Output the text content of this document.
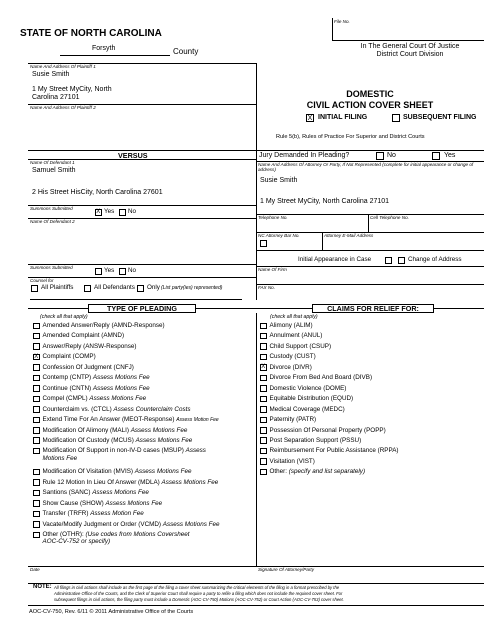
STATE OF NORTH CAROLINA
File No.
Forsyth	County
In The General Court Of Justice
District Court Division
Name And Address Of Plaintiff 1
Susie Smith
1 My Street MyCity, North
Carolina 27101
Name And Address Of Plaintiff 2
DOMESTIC
CIVIL ACTION COVER SHEET
X INITIAL FILING	SUBSEQUENT FILING
Rule 5(b), Rules of Practice For Superior and District Courts
VERSUS
Name Of Defendant 1
Samuel Smith
2 His Street HisCity, North Carolina 27601
Summons Submitted
X Yes No
Name Of Defendant 2
Summons Submitted	Yes No
Counsel for
All Plaintiffs	All Defendants Only (List party(ies) represented)
Jury Demanded In Pleading?	No	Yes
Name And Address Of Attorney Or Party, If Not Represented (complete for initial appearance or change of address)
Susie Smith
1 My Street MyCity, North Carolina 27101
Telephone No.	Cell Telephone No.
NC Attorney Bar No.	Attorney E-Mail Address
Initial Appearance in Case	Change of Address
Name Of Firm
FAX No.
TYPE OF PLEADING	CLAIMS FOR RELIEF FOR:
(check all that apply)
Amended Answer/Reply (AMND-Response)
Amended Complaint (AMND)
Answer/Reply (ANSW-Response)
X Complaint (COMP)
Confession Of Judgment (CNFJ)
Contemp (CNTP) Assess Motions Fee
Continue (CNTN) Assess Motions Fee
Compel (CMPL) Assess Motions Fee
Counterclaim vs. (CTCL) Assess Counterclaim Costs
Extend Time For An Answer (MEOT-Response) Assess Motion Fee
Modification Of Alimony (MALI) Assess Motions Fee
Modification Of Custody (MCUS) Assess Motions Fee
Modification Of Support in non-IV-D cases (MSUP) Assess
Motions Fee
Modification Of Visitation (MVIS) Assess Motions Fee
Rule 12 Motion In Lieu Of Answer (MDLA) Assess Motions Fee
Santions (SANC) Assess Motions Fee
Show Cause (SHOW) Assess Motions Fee
Transfer (TRFR) Assess Motion Fee
Vacate/Modify Judgment or Order (VCMD) Assess Motions Fee
Other (OTHR): (Use codes from Motions Coversheet
AOC-CV-752 or specify)
(check all that apply)
Alimony (ALIM)
Annulment (ANUL)
Child Support (CSUP)
Custody (CUST)
X Divorce (DIVR)
Divorce From Bed And Board (DIVB)
Domestic Violence (DOME)
Equitable Distribution (EQUD)
Medical Coverage (MEDC)
Paternity (PATR)
Possession Of Personal Property (POPP)
Post Separation Support (PSSU)
Reimbursement For Public Assistance (RPPA)
Visitation (VIST)
Other: (specify and list separately)
Date	Signature Of Attorney/Party
NOTE: All filings in civil actions shall include as the first page of the filing a cover sheet summarizing the critical elements of the filing in a format prescribed by the
Administrative Office of the Courts, and the Clerk of Superior Court shall require a party to refile a filing which does not include the required cover sheet. For
subsequent filings in civil actions, the filing party must include a Domestic (AOC-CV-750) Motions (AOC-CV-752) or Court Action (AOC-CV-753) cover sheet.
AOC-CV-750, Rev. 6/11 © 2011 Administrative Office of the Courts
